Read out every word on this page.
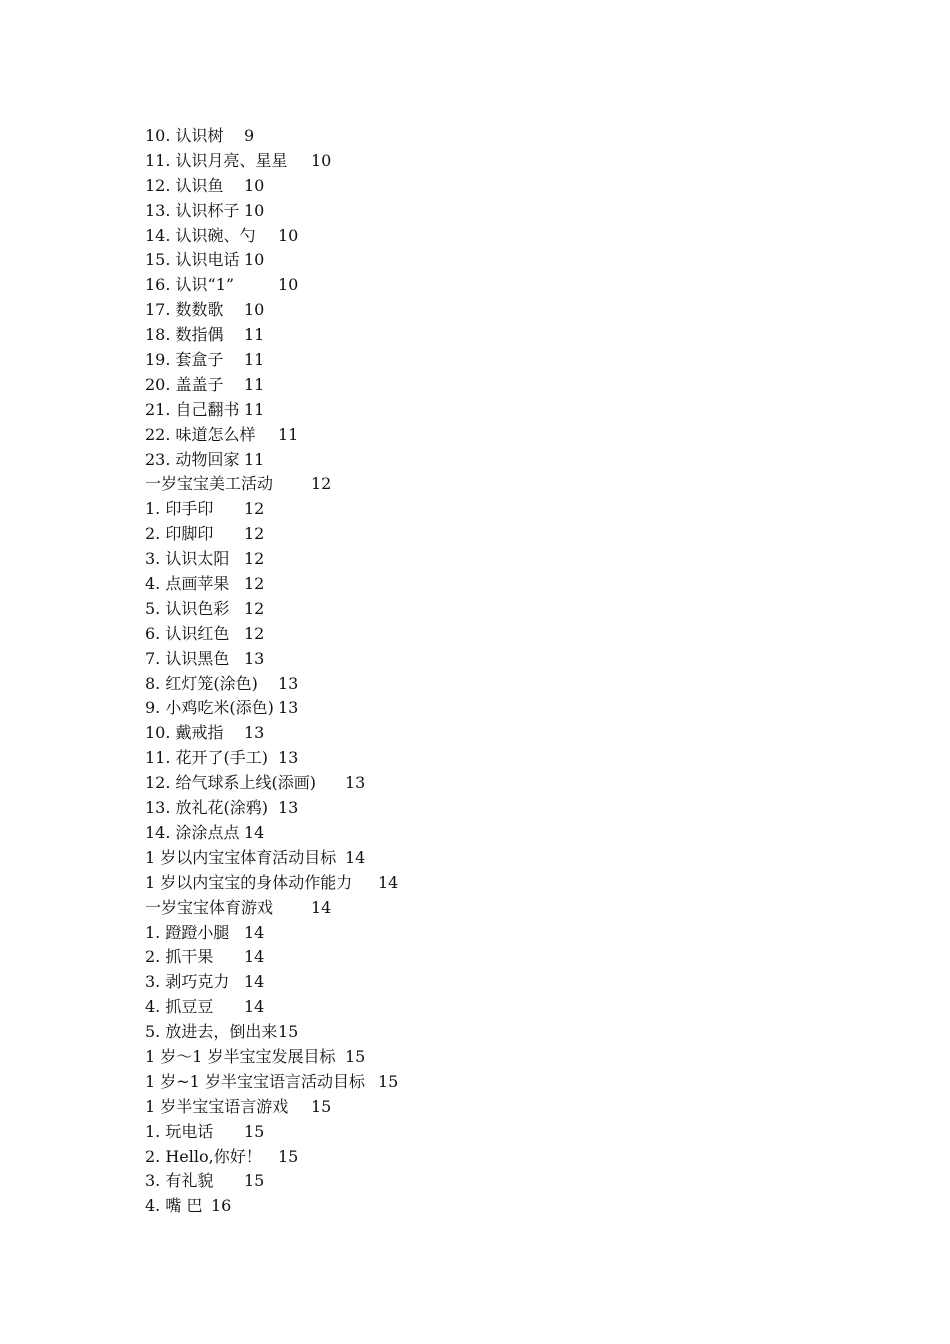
10. 认识树	9
11. 认识月亮、星星	10
12. 认识鱼	10
13. 认识杯子 10
14. 认识碗、勺	10
15. 认识电话 10
16. 认识“1”	10
17. 数数歌	10
18. 数指偶	11
19. 套盒子	11
20. 盖盖子	11
21. 自己翻书 11
22. 味道怎么样	11
23. 动物回家 11
一岁宝宝美工活动	12
1. 印手印	12
2. 印脚印	12
3. 认识太阳 12
4. 点画苹果 12
5. 认识色彩 12
6. 认识红色 12
7. 认识黑色 13
8. 红灯笼(涂色)	13
9. 小鸡吃米(添色) 13
10. 戴戒指	13
11. 花开了(手工) 13
12. 给气球系上线(添画)	13
13. 放礼花(涂鸦) 13
14. 涂涂点点 14
1 岁以内宝宝体育活动目标 14
1 岁以内宝宝的身体动作能力	14
一岁宝宝体育游戏	14
1. 蹬蹬小腿 14
2. 抓干果	14
3. 剥巧克力 14
4. 抓豆豆	14
5. 放进去，倒出来 15
1 岁～1 岁半宝宝发展目标 15
1 岁~1 岁半宝宝语言活动目标 15
1 岁半宝宝语言游戏	15
1. 玩电话	15
2. Hello,你好！	15
3. 有礼貌	15
4. 嘴 巴 16
